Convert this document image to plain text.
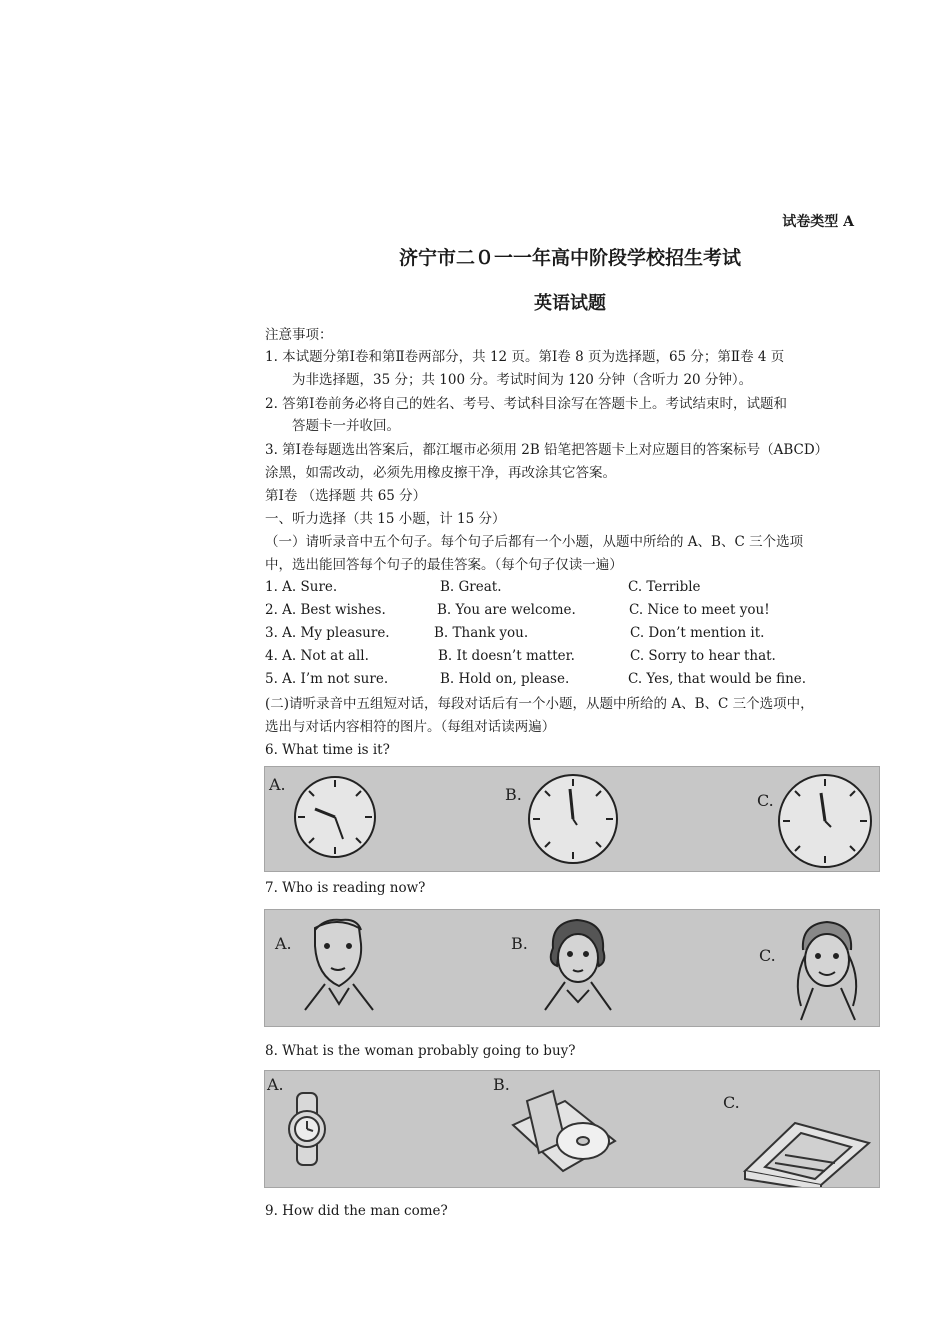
试卷类型 A
济宁市二０一一年高中阶段学校招生考试
英语试题
注意事项：
1. 本试题分第Ⅰ卷和第Ⅱ卷两部分，共 12 页。第Ⅰ卷 8 页为选择题，65 分；第Ⅱ卷 4 页
为非选择题，35 分；共 100 分。考试时间为 120 分钟（含听力 20 分钟）。
2. 答第Ⅰ卷前务必将自己的姓名、考号、考试科目涂写在答题卡上。考试结束时，试题和
答题卡一并收回。
3. 第Ⅰ卷每题选出答案后，都江堰市必须用 2B 铅笔把答题卡上对应题目的答案标号（ABCD）
涂黑，如需改动，必须先用橡皮擦干净，再改涂其它答案。
第Ⅰ卷 （选择题 共 65 分）
一、听力选择（共 15 小题，计 15 分）
（一）请听录音中五个句子。每个句子后都有一个小题，从题中所给的 A、B、C 三个选项
中，选出能回答每个句子的最佳答案。（每个句子仅读一遍）
1. A. Sure.	B. Great.	C. Terrible
2. A. Best wishes.	B. You are welcome.	C. Nice to meet you!
3. A. My pleasure.	B. Thank you.	C. Don’t mention it.
4. A. Not at all.	B. It doesn’t matter.	C. Sorry to hear that.
5. A. I’m not sure.	B. Hold on, please.	C. Yes, that would be fine.
(二)请听录音中五组短对话，每段对话后有一个小题，从题中所给的 A、B、C 三个选项中，
选出与对话内容相符的图片。（每组对话读两遍）
6. What time is it?
A.
B.	C.
7. Who is reading now?
A.	B.
C.
8. What is the woman probably going to buy?
A.	B.
C.
9. How did the man come?
